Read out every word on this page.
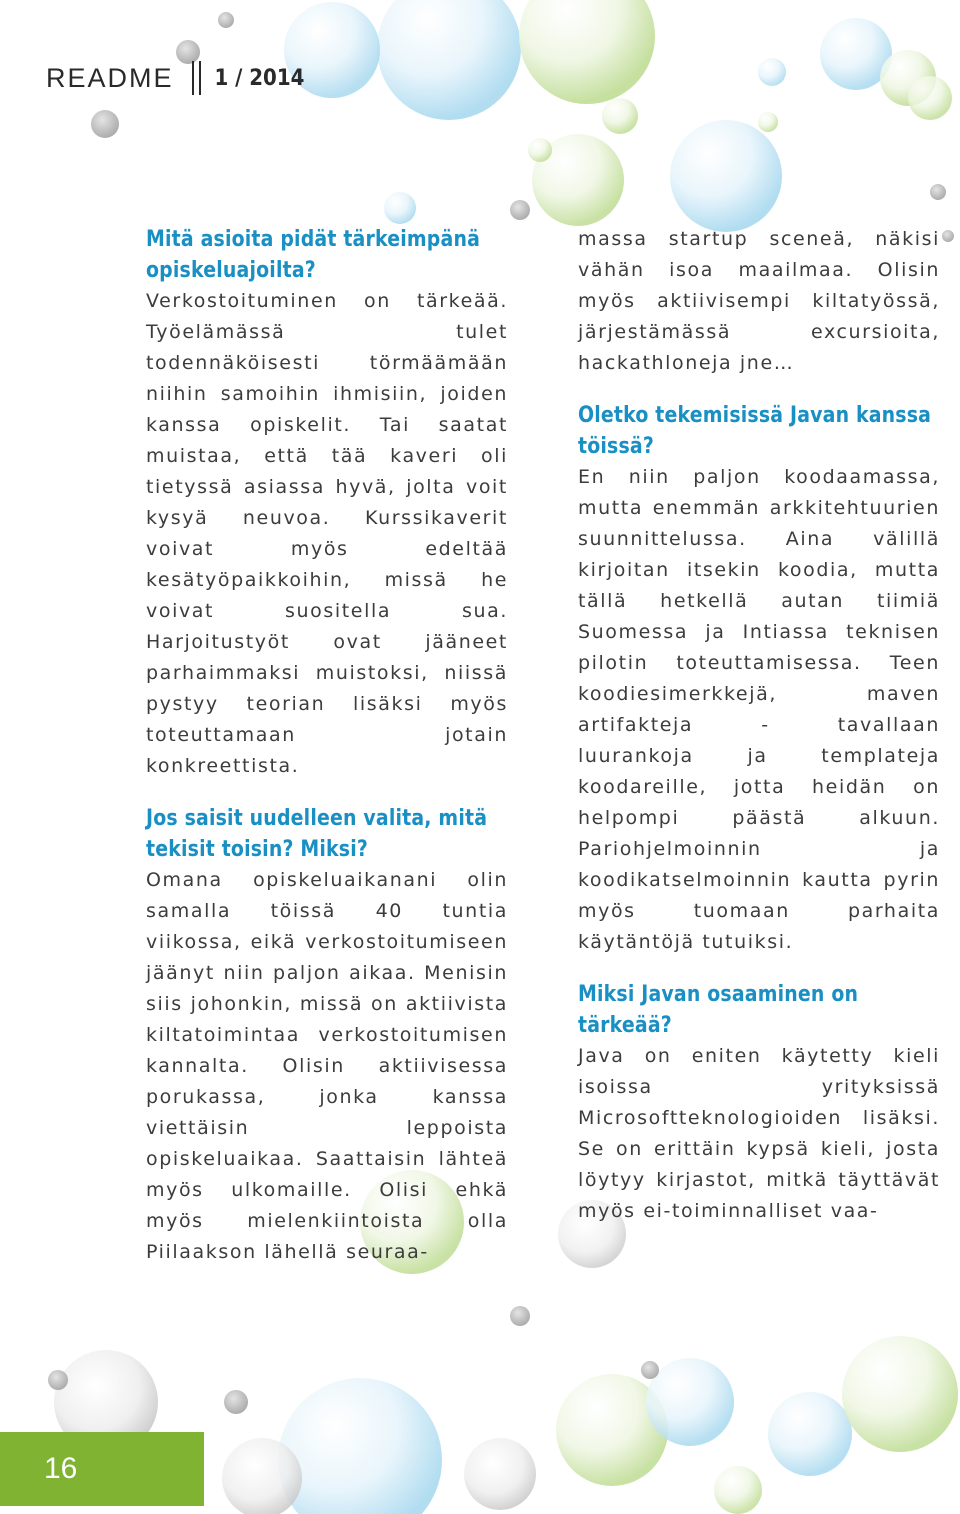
README 1 / 2014
Mitä asioita pidät tärkeimpänä opiskeluajoilta?

Verkostoituminen on tärkeää. Työelämässä tulet todennäköisesti törmäämään niihin samoihin ihmisiin, joiden kanssa opiskelit. Tai saatat muistaa, että tää kaveri oli tietyssä asiassa hyvä, jolta voit kysyä neuvoa. Kurssikaverit voivat myös edeltää kesätyöpaikkoihin, missä he voivat suositella sua. Harjoitustyöt ovat jääneet parhaimmaksi muistoksi, niissä pystyy teorian lisäksi myös toteuttamaan jotain konkreettista.

Jos saisit uudelleen valita, mitä tekisit toisin? Miksi?

Omana opiskeluaikanani olin samalla töissä 40 tuntia viikossa, eikä verkostoitumiseen jäänyt niin paljon aikaa. Menisin siis johonkin, missä on aktiivista kiltatoimintaa verkostoitumisen kannalta. Olisin aktiivisessa porukassa, jonka kanssa viettäisin leppoista opiskeluaikaa. Saattaisin lähteä myös ulkomaille. Olisi ehkä myös mielenkiintoista olla Piilaakson lähellä seuraa-

massa startup sceneä, näkisi vähän isoa maailmaa. Olisin myös aktiivisempi kiltatyössä, järjestämässä excursioita, hackathloneja jne…

Oletko tekemisissä Javan kanssa töissä?

En niin paljon koodaamassa, mutta enemmän arkkitehtuurien suunnittelussa. Aina välillä kirjoitan itsekin koodia, mutta tällä hetkellä autan tiimiä Suomessa ja Intiassa teknisen pilotin toteuttamisessa. Teen koodiesimerkkejä, maven artifakteja - tavallaan luurankoja ja templateja koodareille, jotta heidän on helpompi päästä alkuun. Pariohjelmoinnin ja koodikatselmoinnin kautta pyrin myös tuomaan parhaita käytäntöjä tutuiksi.

Miksi Javan osaaminen on tärkeää?

Java on eniten käytetty kieli isoissa yrityksissä Microsoftteknologioiden lisäksi. Se on erittäin kypsä kieli, josta löytyy kirjastot, mitkä täyttävät myös ei-toiminnalliset vaa-

16
